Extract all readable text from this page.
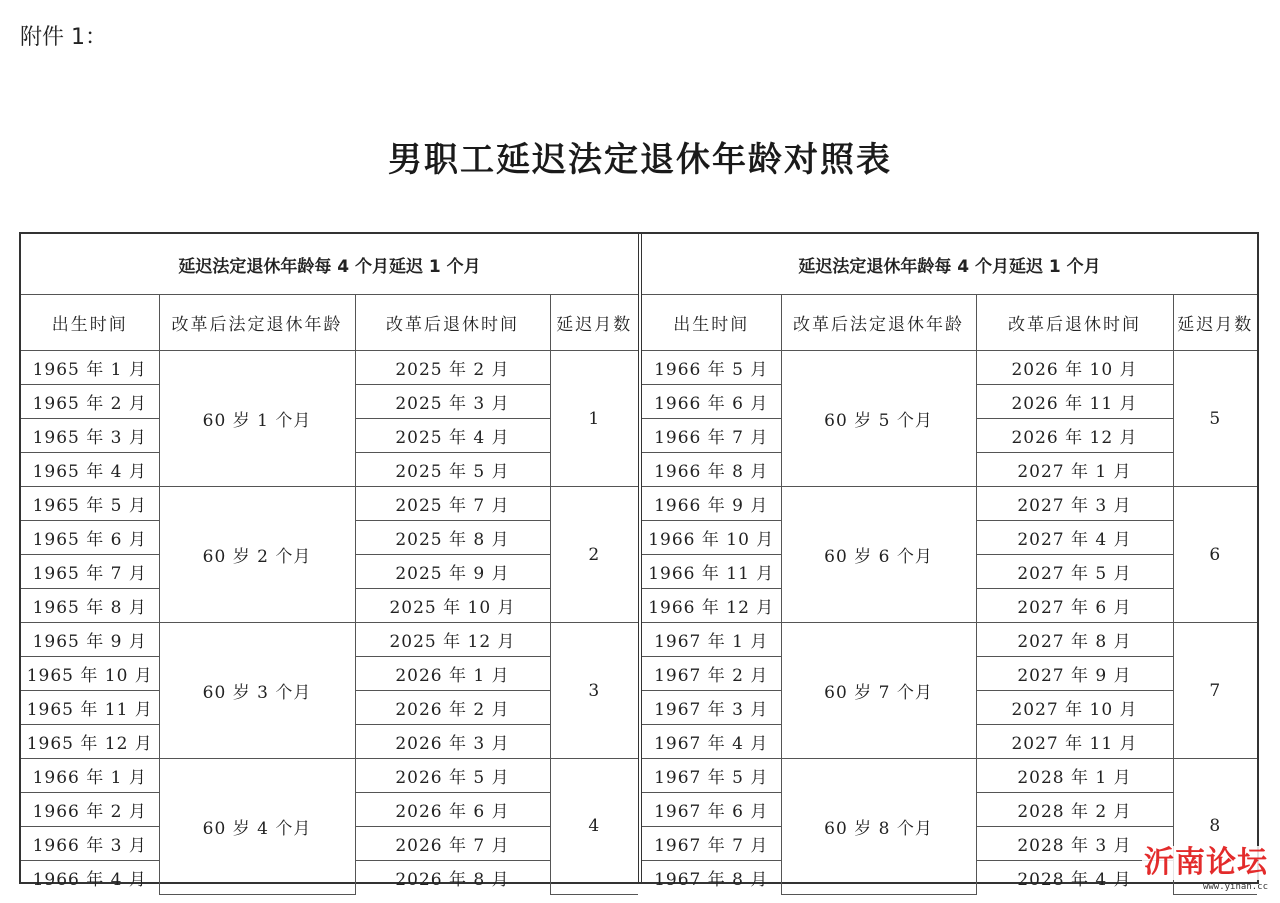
附件 1：
男职工延迟法定退休年龄对照表
延迟法定退休年龄每 4 个月延迟 1 个月			
出生时间	改革后法定退休年龄	改革后退休时间	延迟月数
1965 年 1 月	60 岁 1 个月	2025 年 2 月	1
1965 年 2 月		2025 年 3 月	
1965 年 3 月		2025 年 4 月	
1965 年 4 月		2025 年 5 月	
1965 年 5 月	60 岁 2 个月	2025 年 7 月	2
1965 年 6 月		2025 年 8 月	
1965 年 7 月		2025 年 9 月	
1965 年 8 月		2025 年 10 月	
1965 年 9 月	60 岁 3 个月	2025 年 12 月	3
1965 年 10 月		2026 年 1 月	
1965 年 11 月		2026 年 2 月	
1965 年 12 月		2026 年 3 月	
1966 年 1 月	60 岁 4 个月	2026 年 5 月	4
1966 年 2 月		2026 年 6 月	
1966 年 3 月		2026 年 7 月	
1966 年 4 月		2026 年 8 月	
延迟法定退休年龄每 4 个月延迟 1 个月			
出生时间	改革后法定退休年龄	改革后退休时间	延迟月数
1966 年 5 月	60 岁 5 个月	2026 年 10 月	5
1966 年 6 月		2026 年 11 月	
1966 年 7 月		2026 年 12 月	
1966 年 8 月		2027 年 1 月	
1966 年 9 月	60 岁 6 个月	2027 年 3 月	6
1966 年 10 月		2027 年 4 月	
1966 年 11 月		2027 年 5 月	
1966 年 12 月		2027 年 6 月	
1967 年 1 月	60 岁 7 个月	2027 年 8 月	7
1967 年 2 月		2027 年 9 月	
1967 年 3 月		2027 年 10 月	
1967 年 4 月		2027 年 11 月	
1967 年 5 月	60 岁 8 个月	2028 年 1 月	8
1967 年 6 月		2028 年 2 月	
1967 年 7 月		2028 年 3 月	
1967 年 8 月		2028 年 4 月	沂南论坛
www.yinan.cc
